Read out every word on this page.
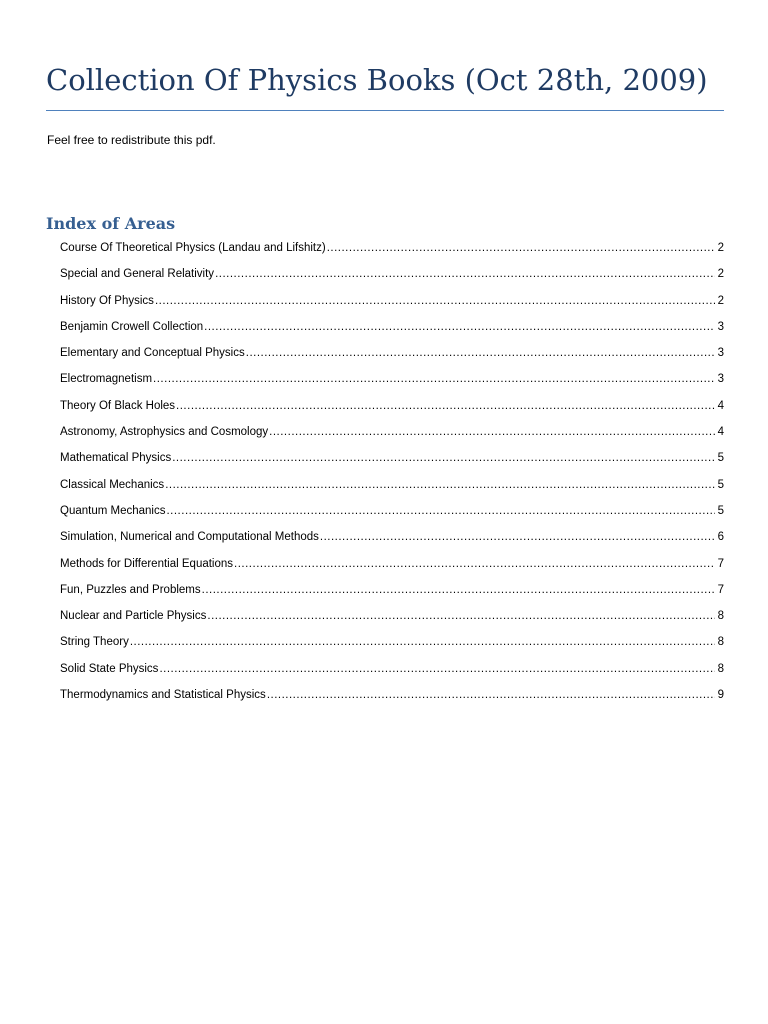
Collection Of Physics Books (Oct 28th, 2009)
Feel free to redistribute this pdf.
Index of Areas
Course Of Theoretical Physics (Landau and Lifshitz) .....	2
Special and General Relativity .....	2
History Of Physics .....	2
Benjamin Crowell Collection .....	3
Elementary and Conceptual Physics .....	3
Electromagnetism .....	3
Theory Of Black Holes .....	4
Astronomy, Astrophysics and Cosmology .....	4
Mathematical Physics .....	5
Classical Mechanics .....	5
Quantum Mechanics .....	5
Simulation, Numerical and Computational Methods .....	6
Methods for Differential Equations .....	7
Fun, Puzzles and Problems .....	7
Nuclear and Particle Physics .....	8
String Theory .....	8
Solid State Physics .....	8
Thermodynamics and Statistical Physics .....	9
